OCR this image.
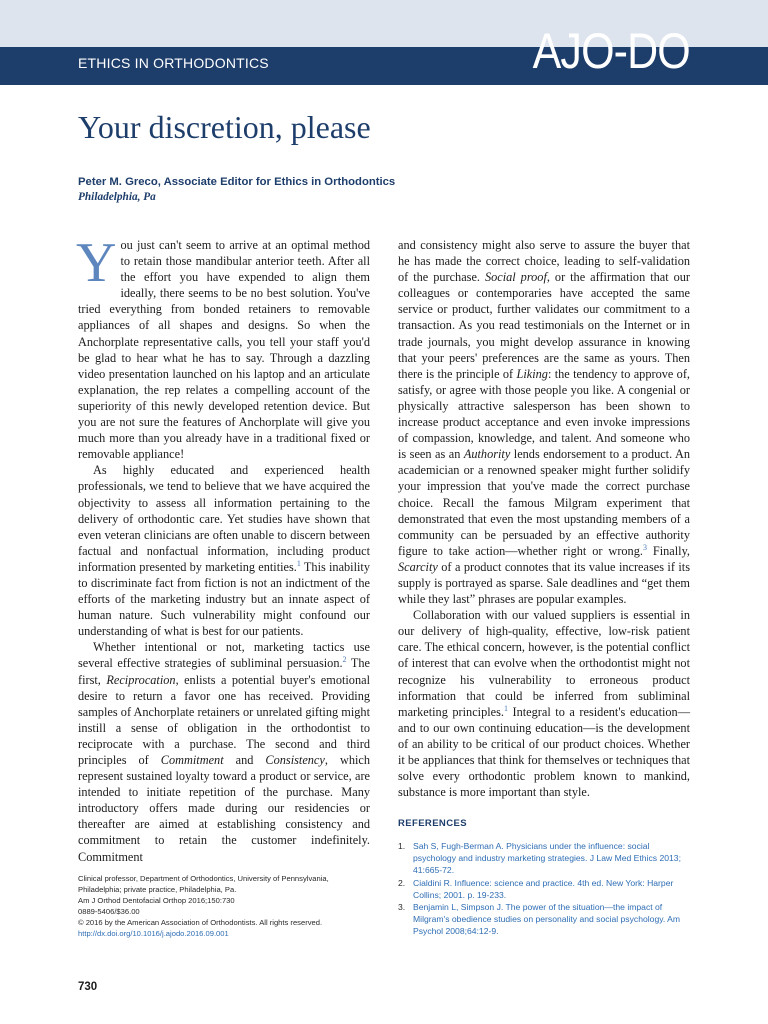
ETHICS IN ORTHODONTICS	AJO-DO
Your discretion, please
Peter M. Greco, Associate Editor for Ethics in Orthodontics
Philadelphia, Pa

You just can't seem to arrive at an optimal method to retain those mandibular anterior teeth. After all the effort you have expended to align them ideally, there seems to be no best solution. You've tried everything from bonded retainers to removable appliances of all shapes and designs. So when the Anchorplate representative calls, you tell your staff you'd be glad to hear what he has to say. Through a dazzling video presentation launched on his laptop and an articulate explanation, the rep relates a compelling account of the superiority of this newly developed retention device. But you are not sure the features of Anchorplate will give you much more than you already have in a traditional fixed or removable appliance!

As highly educated and experienced health professionals, we tend to believe that we have acquired the objectivity to assess all information pertaining to the delivery of orthodontic care. Yet studies have shown that even veteran clinicians are often unable to discern between factual and nonfactual information, including product information presented by marketing entities.$^1$ This inability to discriminate fact from fiction is not an indictment of the efforts of the marketing industry but an innate aspect of human nature. Such vulnerability might confound our understanding of what is best for our patients.

Whether intentional or not, marketing tactics use several effective strategies of subliminal persuasion.$^2$ The first, Reciprocation, enlists a potential buyer's emotional desire to return a favor one has received. Providing samples of Anchorplate retainers or unrelated gifting might instill a sense of obligation in the orthodontist to reciprocate with a purchase. The second and third principles of Commitment and Consistency, which represent sustained loyalty toward a product or service, are intended to initiate repetition of the purchase. Many introductory offers made during our residencies or thereafter are aimed at establishing consistency and commitment to retain the customer indefinitely. Commitment

and consistency might also serve to assure the buyer that he has made the correct choice, leading to self-validation of the purchase. Social proof, or the affirmation that our colleagues or contemporaries have accepted the same service or product, further validates our commitment to a transaction. As you read testimonials on the Internet or in trade journals, you might develop assurance in knowing that your peers' preferences are the same as yours. Then there is the principle of Liking: the tendency to approve of, satisfy, or agree with those people you like. A congenial or physically attractive salesperson has been shown to increase product acceptance and even invoke impressions of compassion, knowledge, and talent. And someone who is seen as an Authority lends endorsement to a product. An academician or a renowned speaker might further solidify your impression that you've made the correct purchase choice. Recall the famous Milgram experiment that demonstrated that even the most upstanding members of a community can be persuaded by an effective authority figure to take action—whether right or wrong.$^3$ Finally, Scarcity of a product connotes that its value increases if its supply is portrayed as sparse. Sale deadlines and “get them while they last” phrases are popular examples.

Collaboration with our valued suppliers is essential in our delivery of high-quality, effective, low-risk patient care. The ethical concern, however, is the potential conflict of interest that can evolve when the orthodontist might not recognize his vulnerability to erroneous product information that could be inferred from subliminal marketing principles.$^1$ Integral to a resident's education—and to our own continuing education—is the development of an ability to be critical of our product choices. Whether it be appliances that think for themselves or techniques that solve every orthodontic problem known to mankind, substance is more important than style.

REFERENCES
1. Sah S, Fugh-Berman A. Physicians under the influence: social psychology and industry marketing strategies. J Law Med Ethics 2013; 41:665-72.
2. Cialdini R. Influence: science and practice. 4th ed. New York: Harper Collins; 2001. p. 19-233.
3. Benjamin L, Simpson J. The power of the situation—the impact of Milgram's obedience studies on personality and social psychology. Am Psychol 2008;64:12-9.
Clinical professor, Department of Orthodontics, University of Pennsylvania, Philadelphia; private practice, Philadelphia, Pa.
Am J Orthod Dentofacial Orthop 2016;150:730
0889-5406/$36.00
© 2016 by the American Association of Orthodontists. All rights reserved.
http://dx.doi.org/10.1016/j.ajodo.2016.09.001
730
